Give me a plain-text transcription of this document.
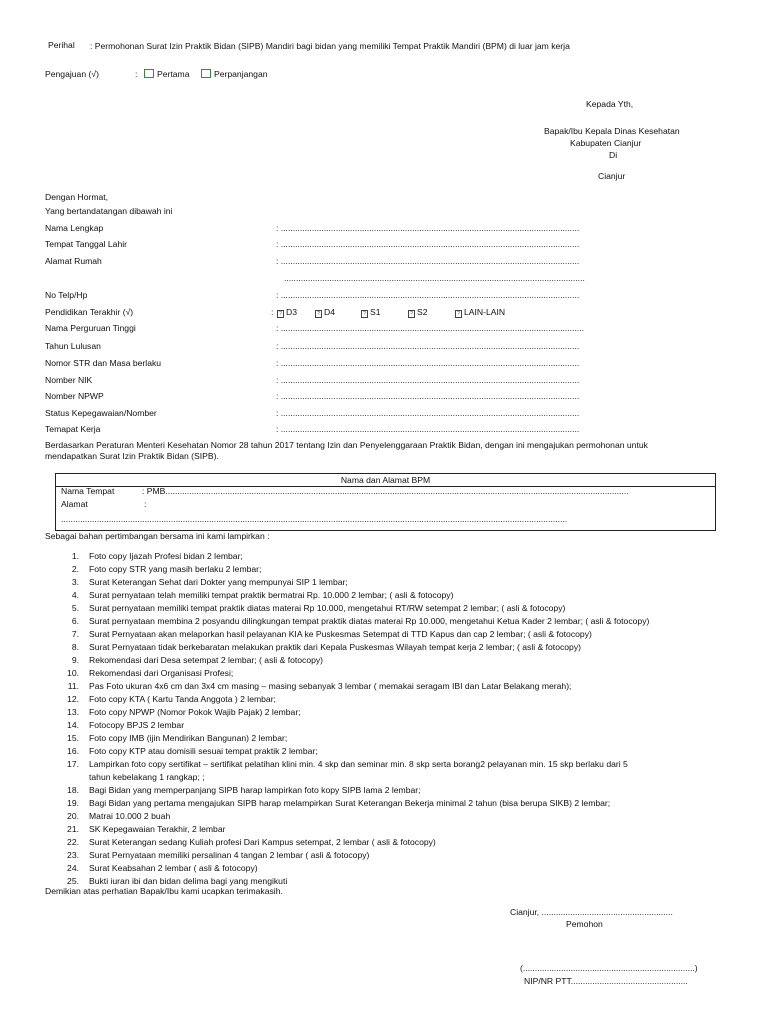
Perihal : Permohonan Surat Izin Praktik Bidan (SIPB) Mandiri bagi bidan yang memiliki Tempat Praktik Mandiri (BPM) di luar jam kerja
Pengajuan (√)	:	Pertama	Perpanjangan
Kepada Yth,
Bapak/Ibu Kepala Dinas Kesehatan
Kabupaten Cianjur
Di
Cianjur
Dengan Hormat,
Yang bertandatangan dibawah ini
Nama Lengkap	: .............................................................................................................................
Tempat Tanggal Lahir	: .............................................................................................................................
Alamat Rumah	: .............................................................................................................................
..............................................................................................................................
No Telp/Hp	: .............................................................................................................................
Pendidikan Terakhir (√)	:	? D3	? D4	? S1	? S2	? LAIN-LAIN
Nama Perguruan Tinggi	: ...............................................................................................................................
Tahun Lulusan	: .............................................................................................................................
Nomor STR dan Masa berlaku	: .............................................................................................................................
Nomber NIK	: .............................................................................................................................
Nomber NPWP	: .............................................................................................................................
Status Kepegawaian/Nomber	: .............................................................................................................................
Temapat Kerja	: .............................................................................................................................
Berdasarkan Peraturan Menteri Kesehatan Nomor 28 tahun 2017 tentang Izin dan Penyelenggaraan Praktik Bidan, dengan ini mengajukan permohonan untuk
mendapatkan Surat Izin Praktik Bidan (SIPB).
Nama dan Alamat BPM
Nama Tempat	: PMB..................................................................................................................................................................................................
Alamat	:
....................................................................................................................................................................................................................
Sebagai bahan pertimbangan bersama ini kami lampirkan :
1. Foto copy Ijazah Profesi bidan 2 lembar;
2. Foto copy STR yang masih berlaku 2 lembar;
3. Surat Keterangan Sehat dari Dokter yang mempunyai SIP 1 lembar;
4. Surat pernyataan telah memiliki tempat praktik bermatrai Rp. 10.000 2 lembar; ( asli & fotocopy)
5. Surat pernyataan memiliki tempat praktik diatas materai Rp 10.000, mengetahui RT/RW setempat 2 lembar; ( asli & fotocopy)
6. Surat pernyataan membina 2 posyandu dilingkungan tempat praktik diatas materai Rp 10.000, mengetahui Ketua Kader 2 lembar; ( asli & fotocopy)
7. Surat Pernyataan akan melaporkan hasil pelayanan KIA ke Puskesmas Setempat di TTD Kapus dan cap 2 lembar; ( asli & fotocopy)
8. Surat Pernyataan tidak berkebaratan melakukan praktik dari Kepala Puskesmas Wilayah tempat kerja 2 lembar; ( asli & fotocopy)
9. Rekomendasi dari Desa setempat 2 lembar; ( asli & fotocopy)
10. Rekomendasi dari Organisasi Profesi;
11. Pas Foto ukuran 4x6 cm dan 3x4 cm masing – masing sebanyak 3 lembar ( memakai seragam IBI dan Latar Belakang merah);
12. Foto copy KTA ( Kartu Tanda Anggota ) 2 lembar;
13. Foto copy NPWP (Nomor Pokok Wajib Pajak) 2 lembar;
14. Fotocopy BPJS 2 lembar
15. Foto copy IMB (ijin Mendirikan Bangunan) 2 lembar;
16. Foto copy KTP atau domisili sesuai tempat praktik 2 lembar;
17. Lampirkan foto copy sertifikat – sertifikat pelatihan klini min. 4 skp dan seminar min. 8 skp serta borang2 pelayanan min. 15 skp berlaku dari 5
tahun kebelakang 1 rangkap; ;
18. Bagi Bidan yang memperpanjang SIPB harap lampirkan foto kopy SIPB lama 2 lembar;
19. Bagi Bidan yang pertama mengajukan SIPB harap melampirkan Surat Keterangan Bekerja minimal 2 tahun (bisa berupa SIKB) 2 lembar;
20. Matrai 10.000 2 buah
21. SK Kepegawaian Terakhir, 2 lembar
22. Surat Keterangan sedang Kuliah profesi Dari Kampus setempat, 2 lembar ( asli & fotocopy)
23. Surat Pernyataan memiliki persalinan 4 tangan 2 lembar ( asli & fotocopy)
24. Surat Keabsahan 2 lembar ( asli & fotocopy)
25. Bukti iuran ibi dan bidan delima bagi yang mengikuti
Demikian atas perhatian Bapak/Ibu kami ucapkan terimakasih.
Cianjur, .......................................................
Pemohon
(........................................................................)
NIP/NR PTT.................................................
